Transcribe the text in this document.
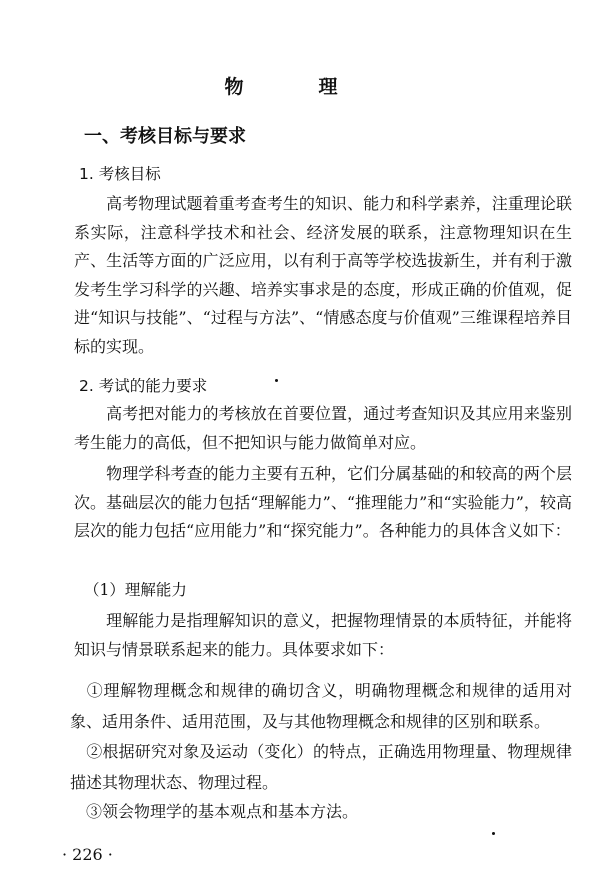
物　理
一、考核目标与要求
1. 考核目标
　　高考物理试题着重考查考生的知识、能力和科学素养，注重理论联系实际，注意科学技术和社会、经济发展的联系，注意物理知识在生产、生活等方面的广泛应用，以有利于高等学校选拔新生，并有利于激发考生学习科学的兴趣、培养实事求是的态度，形成正确的价值观，促进“知识与技能”、“过程与方法”、“情感态度与价值观”三维课程培养目标的实现。
2. 考试的能力要求
　　高考把对能力的考核放在首要位置，通过考查知识及其应用来鉴别考生能力的高低，但不把知识与能力做简单对应。
　　物理学科考查的能力主要有五种，它们分属基础的和较高的两个层次。基础层次的能力包括“理解能力”、“推理能力”和“实验能力”，较高层次的能力包括“应用能力”和“探究能力”。各种能力的具体含义如下：
（1）理解能力
　　理解能力是指理解知识的意义，把握物理情景的本质特征，并能将知识与情景联系起来的能力。具体要求如下：
　①理解物理概念和规律的确切含义，明确物理概念和规律的适用对象、适用条件、适用范围，及与其他物理概念和规律的区别和联系。
　②根据研究对象及运动（变化）的特点，正确选用物理量、物理规律描述其物理状态、物理过程。
　③领会物理学的基本观点和基本方法。
· 226 ·
